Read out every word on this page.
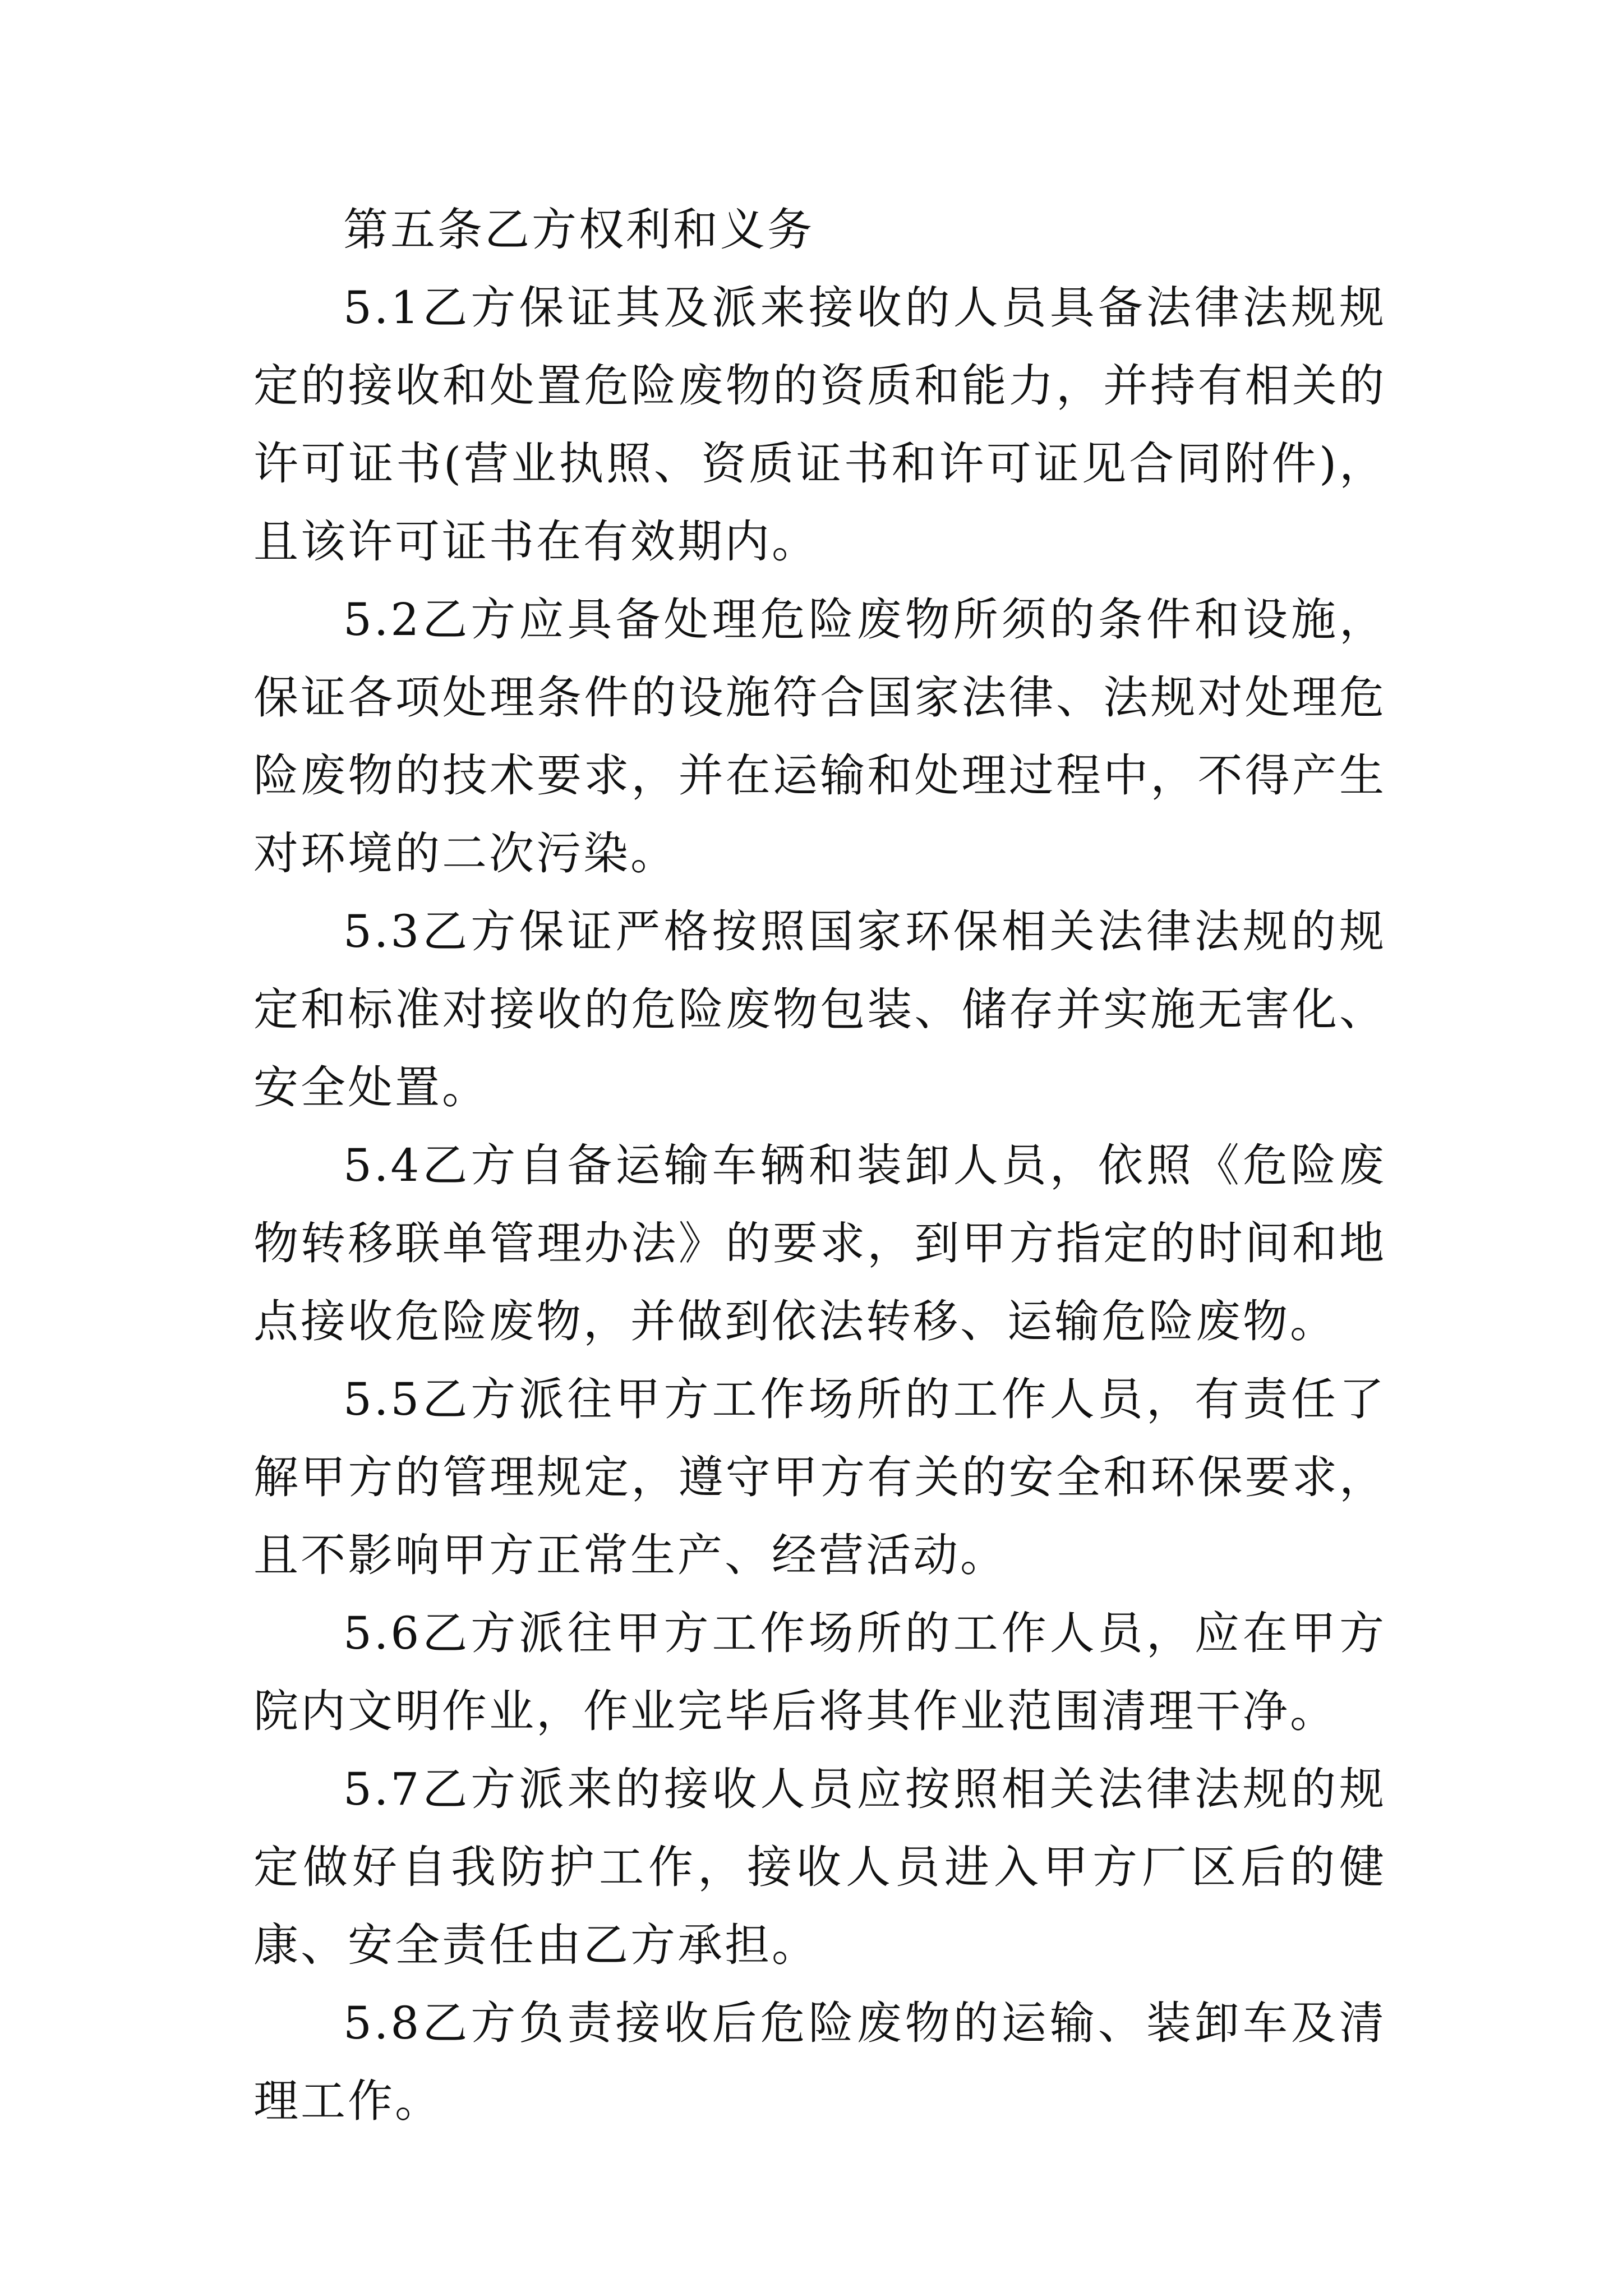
第五条乙方权利和义务

5.1乙方保证其及派来接收的人员具备法律法规规定的接收和处置危险废物的资质和能力，并持有相关的许可证书(营业执照、资质证书和许可证见合同附件)，且该许可证书在有效期内。

5.2乙方应具备处理危险废物所须的条件和设施，保证各项处理条件的设施符合国家法律、法规对处理危险废物的技术要求，并在运输和处理过程中，不得产生对环境的二次污染。

5.3乙方保证严格按照国家环保相关法律法规的规定和标准对接收的危险废物包装、储存并实施无害化、安全处置。

5.4乙方自备运输车辆和装卸人员，依照《危险废物转移联单管理办法》的要求，到甲方指定的时间和地点接收危险废物，并做到依法转移、运输危险废物。

5.5乙方派往甲方工作场所的工作人员，有责任了解甲方的管理规定，遵守甲方有关的安全和环保要求，且不影响甲方正常生产、经营活动。

5.6乙方派往甲方工作场所的工作人员，应在甲方院内文明作业，作业完毕后将其作业范围清理干净。

5.7乙方派来的接收人员应按照相关法律法规的规定做好自我防护工作，接收人员进入甲方厂区后的健康、安全责任由乙方承担。

5.8乙方负责接收后危险废物的运输、装卸车及清理工作。
